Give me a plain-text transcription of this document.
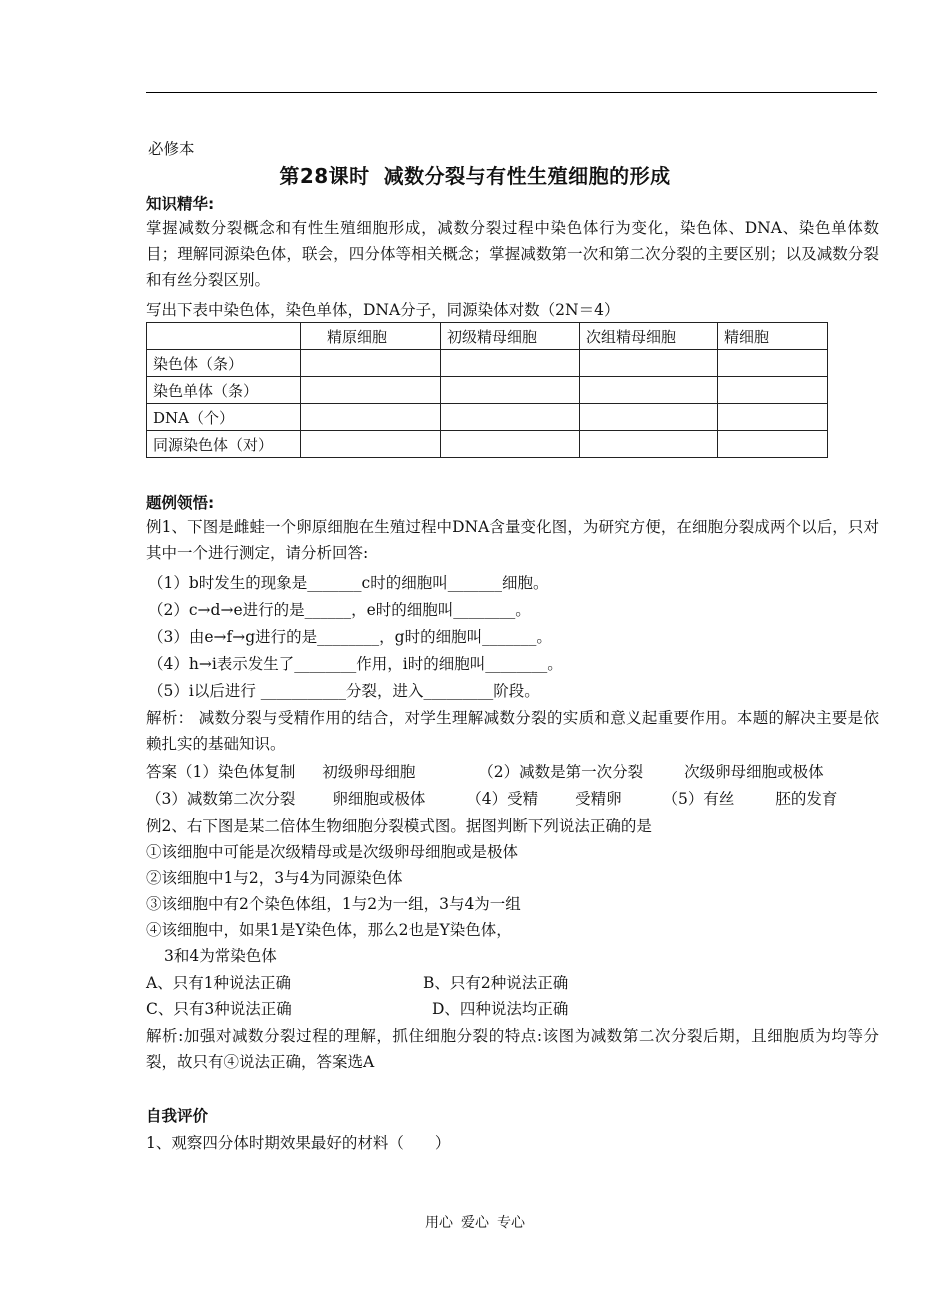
必修本
第28课时 减数分裂与有性生殖细胞的形成
知识精华:
掌握减数分裂概念和有性生殖细胞形成，减数分裂过程中染色体行为变化，染色体、DNA、染色单体数目；理解同源染色体，联会，四分体等相关概念；掌握减数第一次和第二次分裂的主要区别；以及减数分裂和有丝分裂区别。
写出下表中染色体，染色单体，DNA分子，同源染体对数（2N＝4）
	精原细胞	初级精母细胞	次组精母细胞	精细胞
染色体（条）				
染色单体（条）				
DNA（个）				
同源染色体（对）				
题例领悟:
例1、下图是雌蛙一个卵原细胞在生殖过程中DNA含量变化图，为研究方便，在细胞分裂成两个以后，只对其中一个进行测定，请分析回答:
（1）b时发生的现象是_______c时的细胞叫_______细胞。
（2）c→d→e进行的是______，e时的细胞叫________。
（3）由e→f→g进行的是________，g时的细胞叫_______。
（4）h→i表示发生了________作用，i时的细胞叫________。
（5）i以后进行 ___________分裂，进入_________阶段。
解析： 减数分裂与受精作用的结合，对学生理解减数分裂的实质和意义起重要作用。本题的解决主要是依赖扎实的基础知识。
答案（1）染色体复制 初级卵母细胞	（2）减数是第一次分裂	次级卵母细胞或极体
（3）减数第二次分裂 卵细胞或极体	（4）受精 受精卵	（5）有丝	胚的发育
例2、右下图是某二倍体生物细胞分裂模式图。据图判断下列说法正确的是
①该细胞中可能是次级精母或是次级卵母细胞或是极体
②该细胞中1与2，3与4为同源染色体
③该细胞中有2个染色体组，1与2为一组，3与4为一组
④该细胞中，如果1是Y染色体，那么2也是Y染色体，
3和4为常染色体
A、只有1种说法正确	B、只有2种说法正确
C、只有3种说法正确	D、四种说法均正确
解析:加强对减数分裂过程的理解，抓住细胞分裂的特点:该图为减数第二次分裂后期，且细胞质为均等分裂，故只有④说法正确，答案选A
自我评价
1、观察四分体时期效果最好的材料（　　）
用心 爱心 专心
